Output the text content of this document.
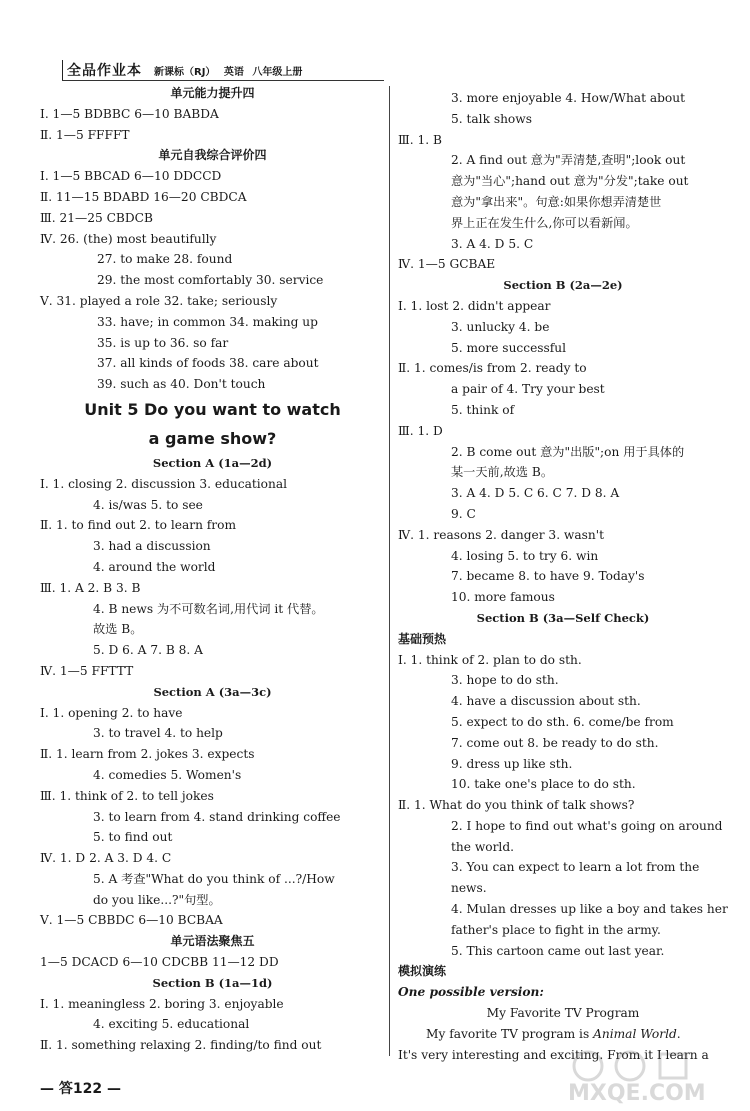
全品作业本 新课标（RJ） 英语 八年级上册
单元能力提升四
Ⅰ. 1—5 BDBBC 6—10 BABDA
Ⅱ. 1—5 FFFFT
单元自我综合评价四
Ⅰ. 1—5 BBCAD 6—10 DDCCD
Ⅱ. 11—15 BDABD 16—20 CBDCA
Ⅲ. 21—25 CBDCB
Ⅳ. 26. (the) most beautifully
27. to make 28. found
29. the most comfortably 30. service
Ⅴ. 31. played a role 32. take; seriously
33. have; in common 34. making up
35. is up to 36. so far
37. all kinds of foods 38. care about
39. such as 40. Don't touch
Unit 5 Do you want to watch
a game show?
Section A (1a—2d)
Ⅰ. 1. closing 2. discussion 3. educational
4. is/was 5. to see
Ⅱ. 1. to find out 2. to learn from
3. had a discussion
4. around the world
Ⅲ. 1. A 2. B 3. B
4. B news 为不可数名词,用代词 it 代替。
故选 B。
5. D 6. A 7. B 8. A
Ⅳ. 1—5 FFTTT
Section A (3a—3c)
Ⅰ. 1. opening 2. to have
3. to travel 4. to help
Ⅱ. 1. learn from 2. jokes 3. expects
4. comedies 5. Women's
Ⅲ. 1. think of 2. to tell jokes
3. to learn from 4. stand drinking coffee
5. to find out
Ⅳ. 1. D 2. A 3. D 4. C
5. A 考查"What do you think of ...?/How
do you like...?"句型。
Ⅴ. 1—5 CBBDC 6—10 BCBAA
单元语法聚焦五
1—5 DCACD 6—10 CDCBB 11—12 DD
Section B (1a—1d)
Ⅰ. 1. meaningless 2. boring 3. enjoyable
4. exciting 5. educational
Ⅱ. 1. something relaxing 2. finding/to find out
3. more enjoyable 4. How/What about
5. talk shows
Ⅲ. 1. B
2. A find out 意为"弄清楚,查明";look out
意为"当心";hand out 意为"分发";take out
意为"拿出来"。句意:如果你想弄清楚世
界上正在发生什么,你可以看新闻。
3. A 4. D 5. C
Ⅳ. 1—5 GCBAE
Section B (2a—2e)
Ⅰ. 1. lost 2. didn't appear
3. unlucky 4. be
5. more successful
Ⅱ. 1. comes/is from 2. ready to
a pair of 4. Try your best
5. think of
Ⅲ. 1. D
2. B come out 意为"出版";on 用于具体的
某一天前,故选 B。
3. A 4. D 5. C 6. C 7. D 8. A
9. C
Ⅳ. 1. reasons 2. danger 3. wasn't
4. losing 5. to try 6. win
7. became 8. to have 9. Today's
10. more famous
Section B (3a—Self Check)
基础预热
Ⅰ. 1. think of 2. plan to do sth.
3. hope to do sth.
4. have a discussion about sth.
5. expect to do sth. 6. come/be from
7. come out 8. be ready to do sth.
9. dress up like sth.
10. take one's place to do sth.
Ⅱ. 1. What do you think of talk shows?
2. I hope to find out what's going on around
the world.
3. You can expect to learn a lot from the
news.
4. Mulan dresses up like a boy and takes her
father's place to fight in the army.
5. This cartoon came out last year.
模拟演练
One possible version:
My Favorite TV Program
My favorite TV program is Animal World.
It's very interesting and exciting. From it I learn a
— 答122 —	MXQE.COM
